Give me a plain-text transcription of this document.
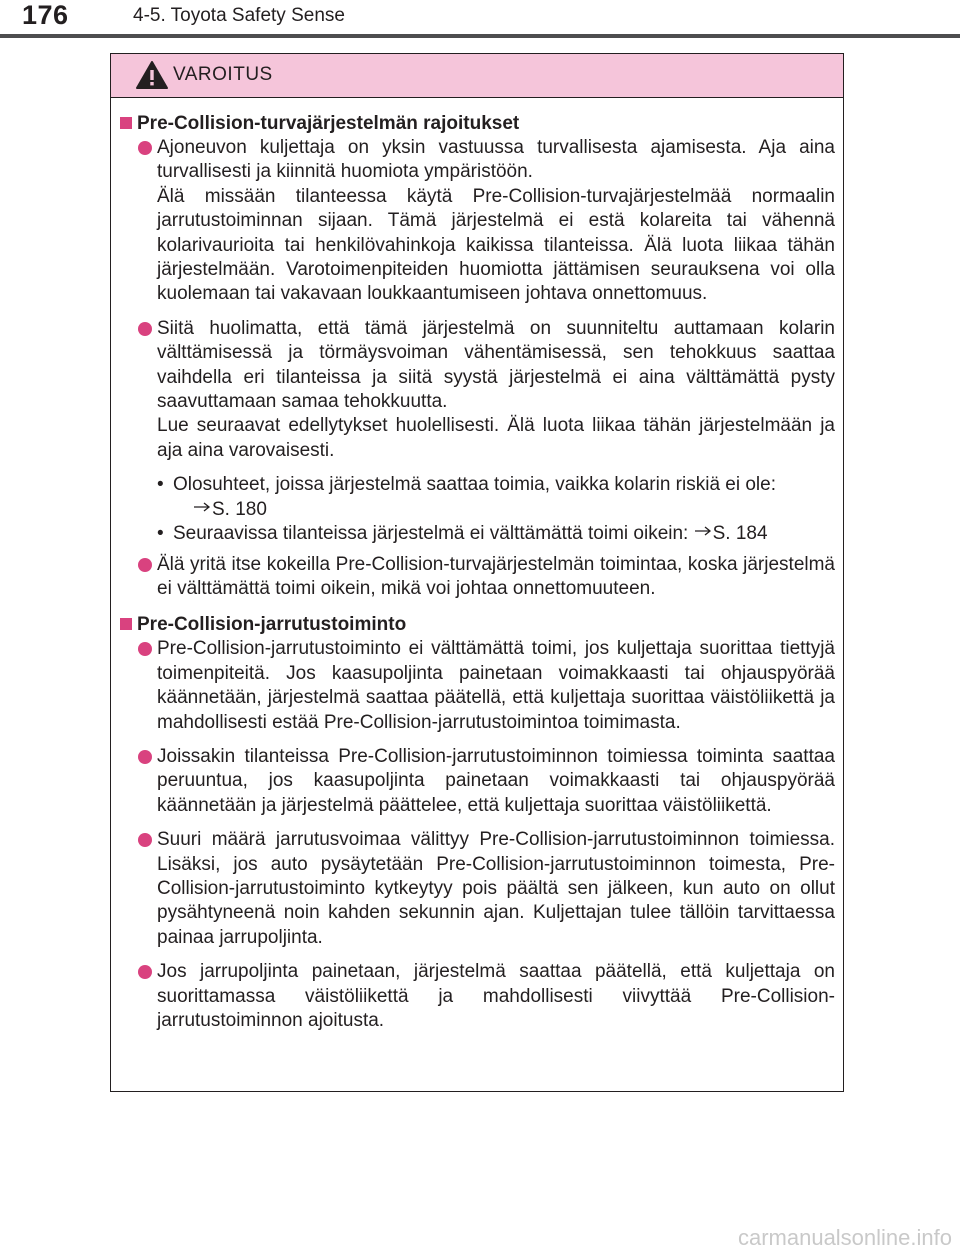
176	4-5. Toyota Safety Sense
VAROITUS
Pre-Collision-turvajärjestelmän rajoitukset

Ajoneuvon kuljettaja on yksin vastuussa turvallisesta ajamisesta. Aja aina turvallisesti ja kiinnitä huomiota ympäristöön.

Älä missään tilanteessa käytä Pre-Collision-turvajärjestelmää normaalin jarrutustoiminnan sijaan. Tämä järjestelmä ei estä kolareita tai vähennä kolarivaurioita tai henkilövahinkoja kaikissa tilanteissa. Älä luota liikaa tähän järjestelmään. Varotoimenpiteiden huomiotta jättämisen seurauksena voi olla kuolemaan tai vakavaan loukkaantumiseen johtava onnettomuus.

Siitä huolimatta, että tämä järjestelmä on suunniteltu auttamaan kolarin välttämisessä ja törmäysvoiman vähentämisessä, sen tehokkuus saattaa vaihdella eri tilanteissa ja siitä syystä järjestelmä ei aina välttämättä pysty saavuttamaan samaa tehokkuutta.

Lue seuraavat edellytykset huolellisesti. Älä luota liikaa tähän järjestelmään ja aja aina varovaisesti.

• Olosuhteet, joissa järjestelmä saattaa toimia, vaikka kolarin riskiä ei ole:
S. 180
• Seuraavissa tilanteissa järjestelmä ei välttämättä toimi oikein: S. 184

Älä yritä itse kokeilla Pre-Collision-turvajärjestelmän toimintaa, koska järjestelmä ei välttämättä toimi oikein, mikä voi johtaa onnettomuuteen.

Pre-Collision-jarrutustoiminto

Pre-Collision-jarrutustoiminto ei välttämättä toimi, jos kuljettaja suorittaa tiettyjä toimenpiteitä. Jos kaasupoljinta painetaan voimakkaasti tai ohjauspyörää käännetään, järjestelmä saattaa päätellä, että kuljettaja suorittaa väistöliikettä ja mahdollisesti estää Pre-Collision-jarrutustoimintoa toimimasta.

Joissakin tilanteissa Pre-Collision-jarrutustoiminnon toimiessa toiminta saattaa peruuntua, jos kaasupoljinta painetaan voimakkaasti tai ohjauspyörää käännetään ja järjestelmä päättelee, että kuljettaja suorittaa väistöliikettä.

Suuri määrä jarrutusvoimaa välittyy Pre-Collision-jarrutustoiminnon toimiessa. Lisäksi, jos auto pysäytetään Pre-Collision-jarrutustoiminnon toimesta, Pre-Collision-jarrutustoiminto kytkeytyy pois päältä sen jälkeen, kun auto on ollut pysähtyneenä noin kahden sekunnin ajan. Kuljettajan tulee tällöin tarvittaessa painaa jarrupoljinta.

Jos jarrupoljinta painetaan, järjestelmä saattaa päätellä, että kuljettaja on suorittamassa väistöliikettä ja mahdollisesti viivyttää Pre-Collision-jarrutustoiminnon ajoitusta.

carmanualsonline.info
